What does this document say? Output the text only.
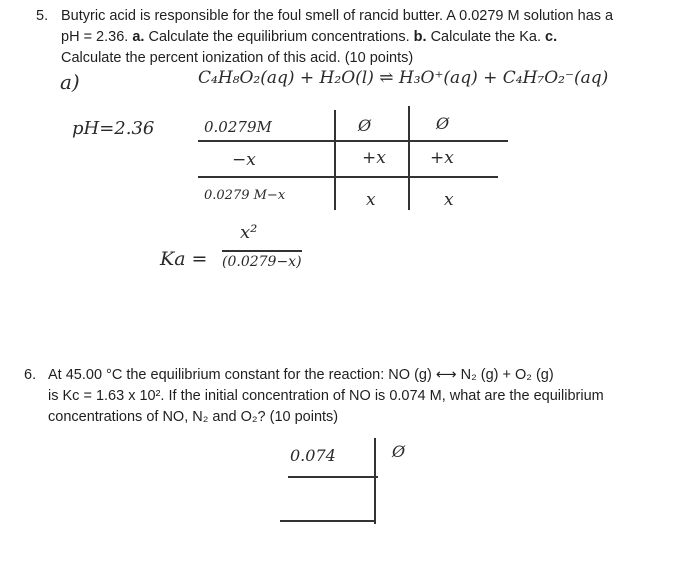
5. Butyric acid is responsible for the foul smell of rancid butter. A 0.0279 M solution has a
pH = 2.36. a. Calculate the equilibrium concentrations. b. Calculate the Ka. c.
Calculate the percent ionization of this acid. (10 points)
a)	C₄H₈O₂(aq) + H₂O(l) ⇌ H₃O⁺(aq) + C₄H₇O₂⁻(aq)
pH=2.36	0.0279M	Ø	Ø
−x	+x	+x
0.0279 M−x	x	x
Ka =
x²
(0.0279−x)
6. At 45.00 °C the equilibrium constant for the reaction: NO (g) ⟷ N₂ (g) + O₂ (g)
is Kc = 1.63 x 10². If the initial concentration of NO is 0.074 M, what are the equilibrium
concentrations of NO, N₂ and O₂? (10 points)
0.074	Ø
